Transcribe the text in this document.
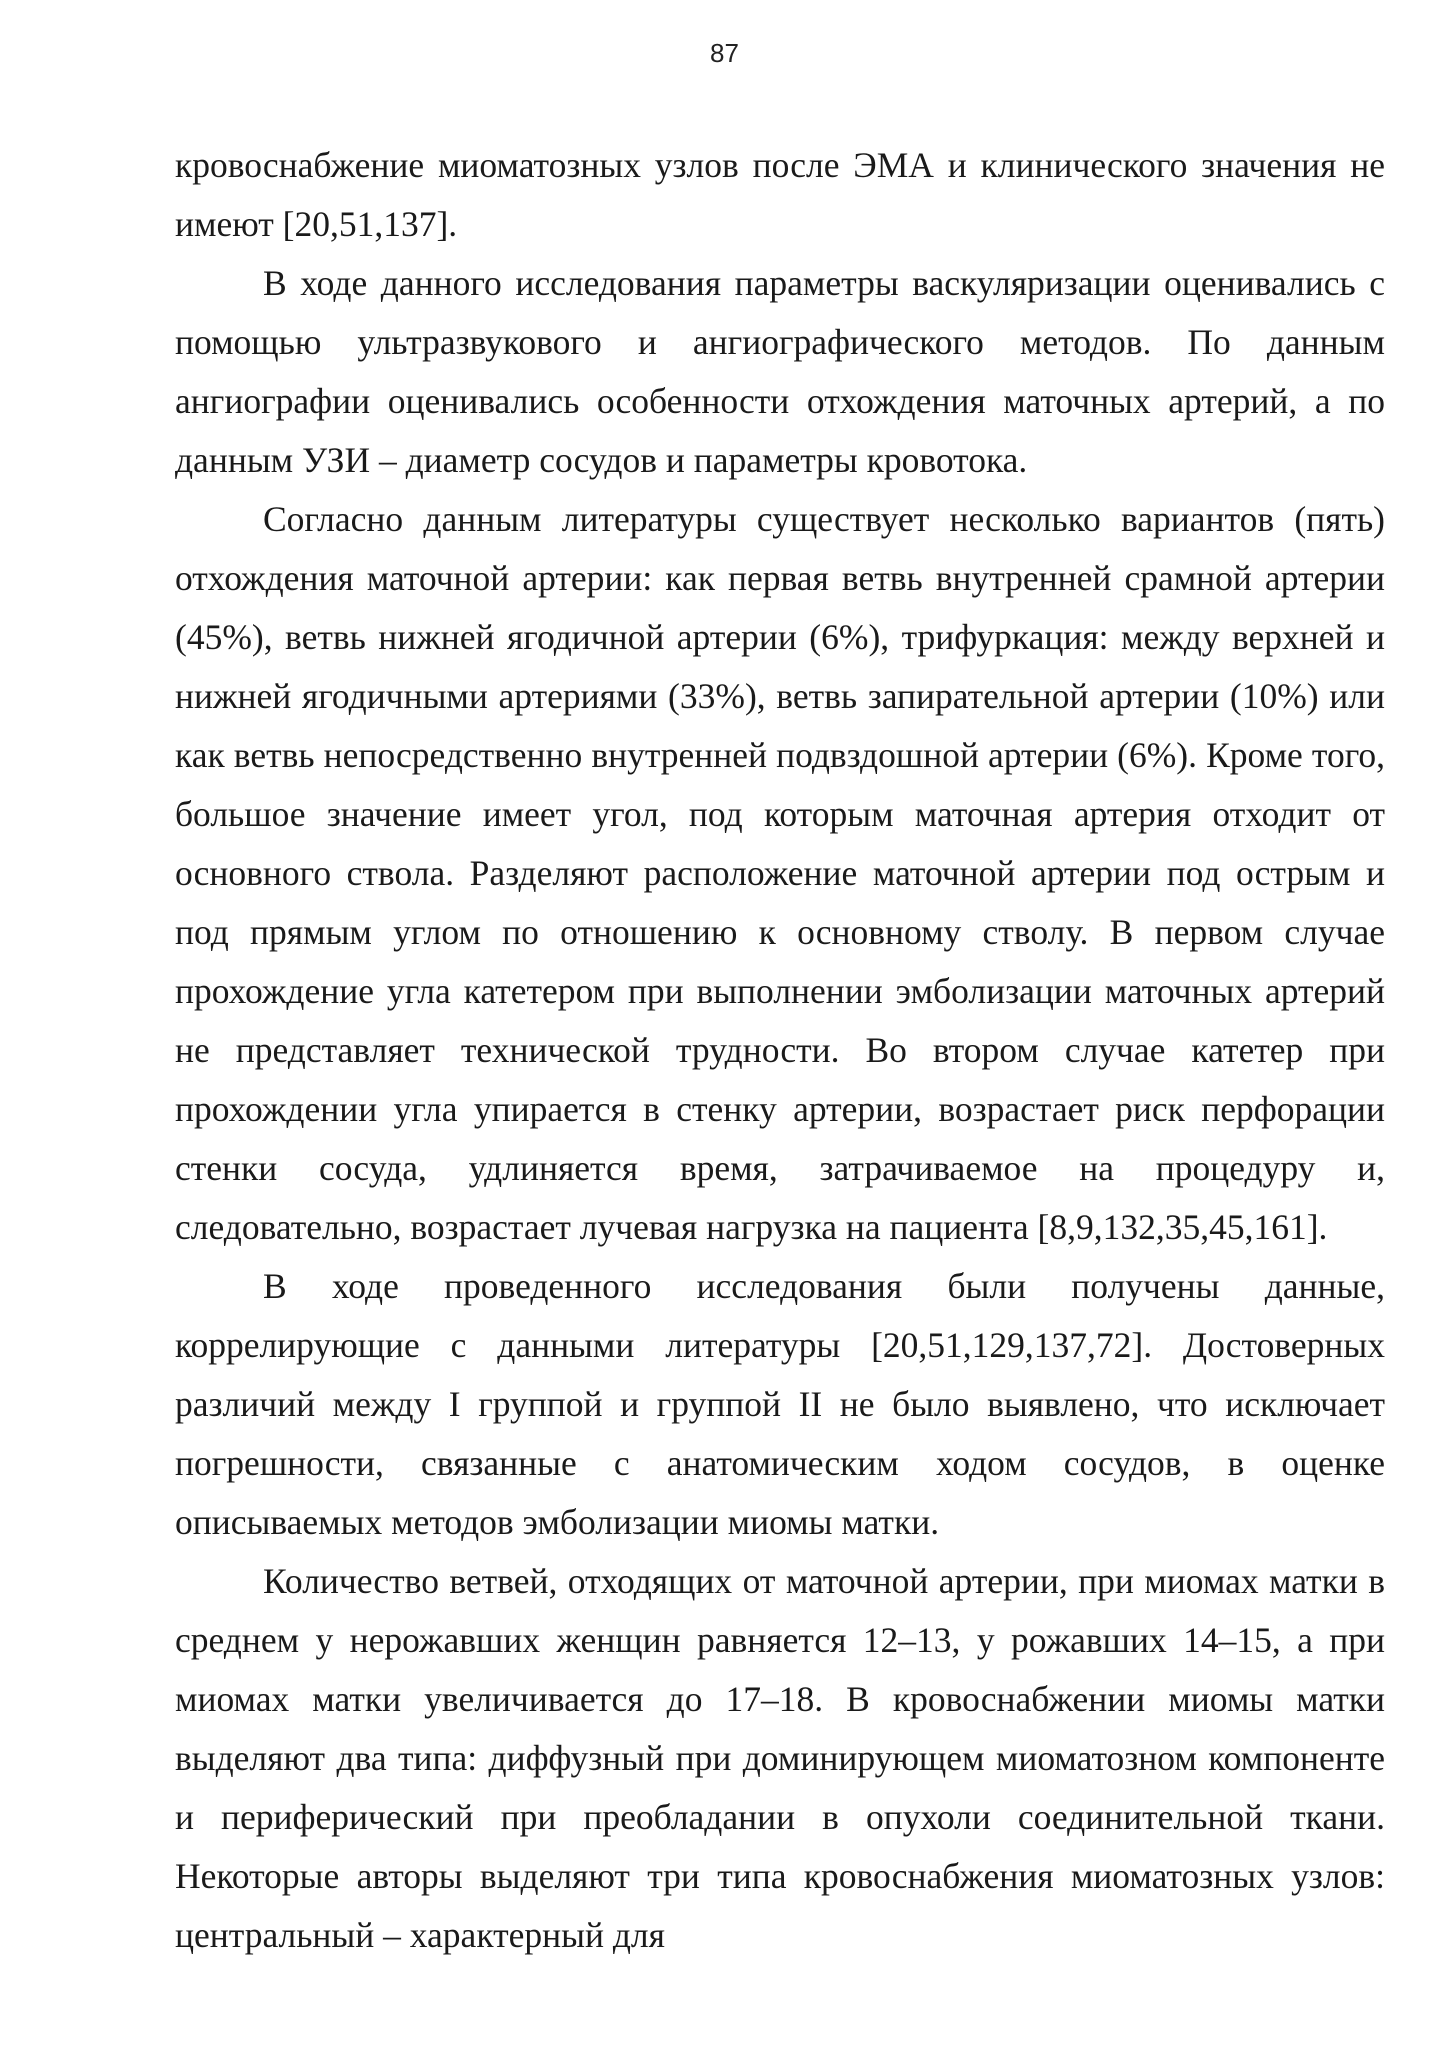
87

кровоснабжение миоматозных узлов после ЭМА и клинического значения не имеют [20,51,137].

В ходе данного исследования параметры васкуляризации оценивались с помощью ультразвукового и ангиографического методов. По данным ангиографии оценивались особенности отхождения маточных артерий, а по данным УЗИ – диаметр сосудов и параметры кровотока.

Согласно данным литературы существует несколько вариантов (пять) отхождения маточной артерии: как первая ветвь внутренней срамной артерии (45%), ветвь нижней ягодичной артерии (6%), трифуркация: между верхней и нижней ягодичными артериями (33%), ветвь запирательной артерии (10%) или как ветвь непосредственно внутренней подвздошной артерии (6%). Кроме того, большое значение имеет угол, под которым маточная артерия отходит от основного ствола. Разделяют расположение маточной артерии под острым и под прямым углом по отношению к основному стволу. В первом случае прохождение угла катетером при выполнении эмболизации маточных артерий не представляет технической трудности. Во втором случае катетер при прохождении угла упирается в стенку артерии, возрастает риск перфорации стенки сосуда, удлиняется время, затрачиваемое на процедуру и, следовательно, возрастает лучевая нагрузка на пациента [8,9,132,35,45,161].

В ходе проведенного исследования были получены данные, коррелирующие с данными литературы [20,51,129,137,72]. Достоверных различий между I группой и группой II не было выявлено, что исключает погрешности, связанные с анатомическим ходом сосудов, в оценке описываемых методов эмболизации миомы матки.

Количество ветвей, отходящих от маточной артерии, при миомах матки в среднем у нерожавших женщин равняется 12–13, у рожавших 14–15, а при миомах матки увеличивается до 17–18. В кровоснабжении миомы матки выделяют два типа: диффузный при доминирующем миоматозном компоненте и периферический при преобладании в опухоли соединительной ткани. Некоторые авторы выделяют три типа кровоснабжения миоматозных узлов: центральный – характерный для
